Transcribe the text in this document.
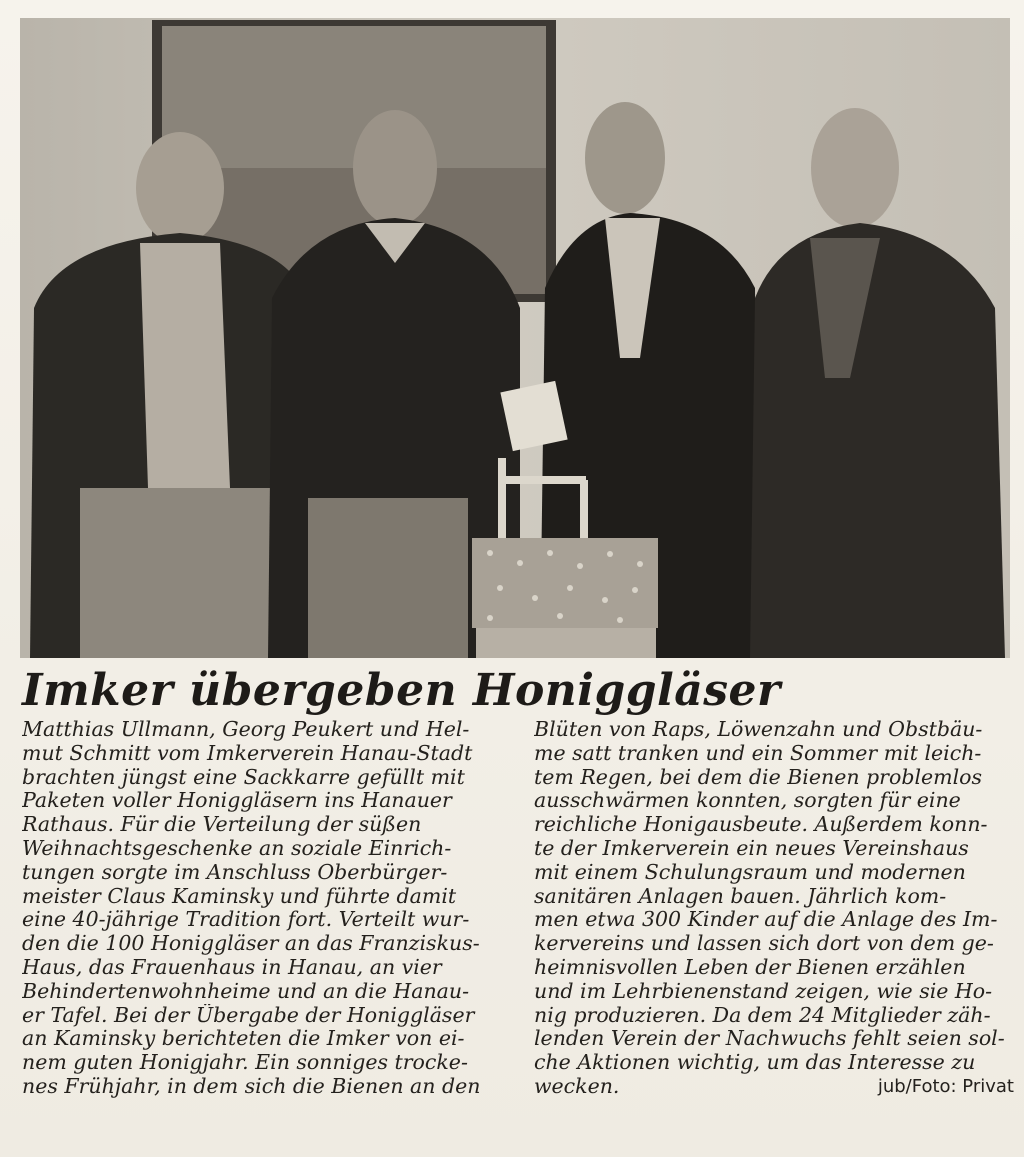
Imker übergeben Honiggläser
Matthias Ullmann, Georg Peukert und Hel-
mut Schmitt vom Imkerverein Hanau-Stadt
brachten jüngst eine Sackkarre gefüllt mit
Paketen voller Honiggläsern ins Hanauer
Rathaus. Für die Verteilung der süßen
Weihnachtsgeschenke an soziale Einrich-
tungen sorgte im Anschluss Oberbürger-
meister Claus Kaminsky und führte damit
eine 40-jährige Tradition fort. Verteilt wur-
den die 100 Honiggläser an das Franziskus-
Haus, das Frauenhaus in Hanau, an vier
Behindertenwohnheime und an die Hanau-
er Tafel. Bei der Übergabe der Honiggläser
an Kaminsky berichteten die Imker von ei-
nem guten Honigjahr. Ein sonniges trocke-
nes Frühjahr, in dem sich die Bienen an den
Blüten von Raps, Löwenzahn und Obstbäu-
me satt tranken und ein Sommer mit leich-
tem Regen, bei dem die Bienen problemlos
ausschwärmen konnten, sorgten für eine
reichliche Honigausbeute. Außerdem konn-
te der Imkerverein ein neues Vereinshaus
mit einem Schulungsraum und modernen
sanitären Anlagen bauen. Jährlich kom-
men etwa 300 Kinder auf die Anlage des Im-
kervereins und lassen sich dort von dem ge-
heimnisvollen Leben der Bienen erzählen
und im Lehrbienenstand zeigen, wie sie Ho-
nig produzieren. Da dem 24 Mitglieder zäh-
lenden Verein der Nachwuchs fehlt seien sol-
che Aktionen wichtig, um das Interesse zu
wecken.	jub/Foto: Privat
